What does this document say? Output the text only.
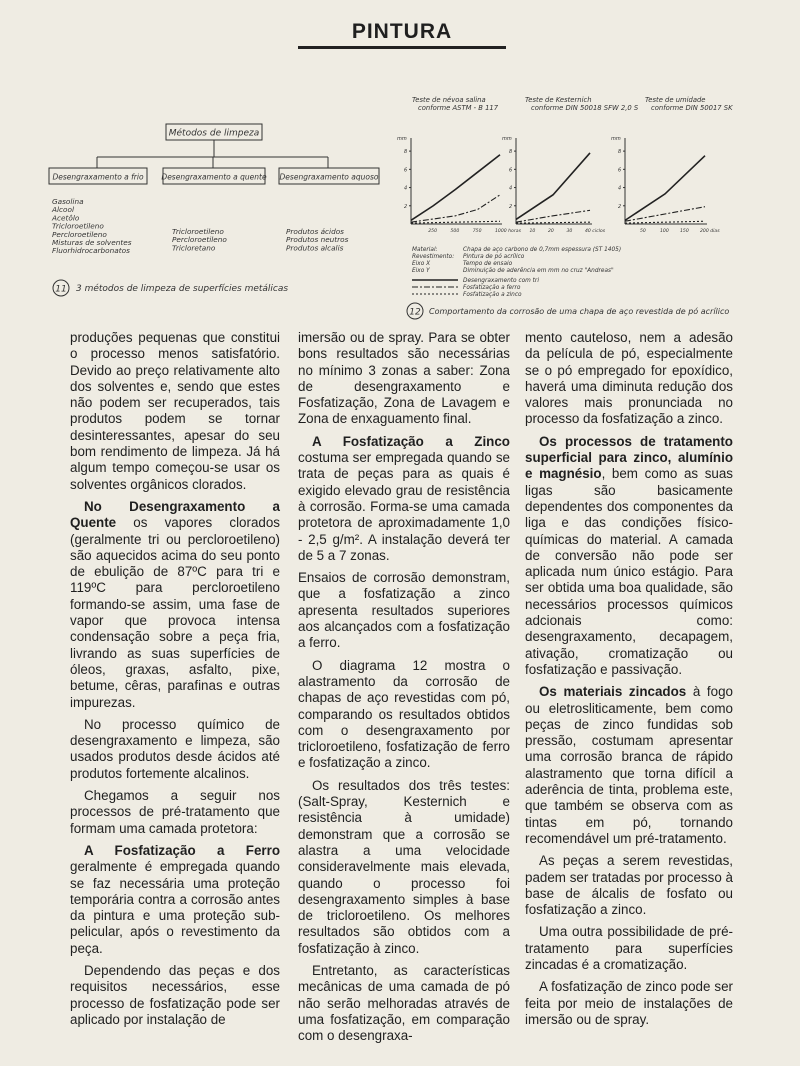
PINTURA
Métodos de limpeza
Desengraxamento a frio Desengraxamento a quente Desengraxamento aquoso
Gasolina
Alcool
Acetôlo
Tricloroetileno
Percloroetileno
Misturas de solventes
Fluorhidrocarbonatos
Tricloroetileno
Percloroetileno
Tricloretano
Produtos ácidos
Produtos neutros
Produtos alcalis
11 3 métodos de limpeza de superfícies metálicas
Teste de névoa salina
conforme ASTM - B 117
Teste de Kesternich
conforme DIN 50018 SFW 2,0 S
Teste de umidade
conforme DIN 50017 SK
mm
2
4
6
8
250	500	750	1000 horas
mm
2
4
6
8
10	20	30	40 ciclos
mm
2
4
6
8
50	100 150 200 dias
Material:	Chapa de aço carbono de 0,7mm espessura (ST 1405)
Revestimento: Pintura de pó acrílico
Eixo X	Tempo de ensaio
Eixo Y	Diminuição de aderência em mm no cruz "Andreas"
Desengraxamento com tri
Fosfatização a ferro
Fosfatização a zinco
12 Comportamento da corrosão de uma chapa de aço revestida de pó acrílico

produções pequenas que constitui o processo menos satisfatório. Devido ao preço relativamente alto dos solventes e, sendo que estes não podem ser recuperados, tais produtos podem se tornar desinteressantes, apesar do seu bom rendimento de limpeza. Já há algum tempo começou-se usar os solventes orgânicos clorados.

No Desengraxamento a Quente os vapores clorados (geralmente tri ou percloroetileno) são aquecidos acima do seu ponto de ebulição de 87ºC para tri e 119ºC para percloroetileno formando-se assim, uma fase de vapor que provoca intensa condensação sobre a peça fria, livrando as suas superfícies de óleos, graxas, asfalto, pixe, betume, cêras, parafinas e outras impurezas.

No processo químico de desengraxamento e limpeza, são usados produtos desde ácidos até produtos fortemente alcalinos.

Chegamos a seguir nos processos de pré-tratamento que formam uma camada protetora:

A Fosfatização a Ferro geralmente é empregada quando se faz necessária uma proteção temporária contra a corrosão antes da pintura e uma proteção sub-pelicular, após o revestimento da peça.

Dependendo das peças e dos requisitos necessários, esse processo de fosfatização pode ser aplicado por instalação de

imersão ou de spray. Para se obter bons resultados são necessárias no mínimo 3 zonas a saber: Zona de desengraxamento e Fosfatização, Zona de Lavagem e Zona de enxaguamento final.

A Fosfatização a Zinco costuma ser empregada quando se trata de peças para as quais é exigido elevado grau de resistência à corrosão. Forma-se uma camada protetora de aproximadamente 1,0 - 2,5 g/m². A instalação deverá ter de 5 a 7 zonas.

Ensaios de corrosão demonstram, que a fosfatização a zinco apresenta resultados superiores aos alcançados com a fosfatização a ferro.

O diagrama 12 mostra o alastramento da corrosão de chapas de aço revestidas com pó, comparando os resultados obtidos com o desengraxamento por tricloroetileno, fosfatização de ferro e fosfatização a zinco.

Os resultados dos três testes: (Salt-Spray, Kesternich e resistência à umidade) demonstram que a corrosão se alastra a uma velocidade consideravelmente mais elevada, quando o processo foi desengraxamento simples à base de tricloroetileno. Os melhores resultados são obtidos com a fosfatização à zinco.

Entretanto, as características mecânicas de uma camada de pó não serão melhoradas através de uma fosfatização, em comparação com o desengraxa-

mento cauteloso, nem a adesão da película de pó, especialmente se o pó empregado for epoxídico, haverá uma diminuta redução dos valores mais pronunciada no processo da fosfatização a zinco.

Os processos de tratamento superficial para zinco, alumínio e magnésio, bem como as suas ligas são basicamente dependentes dos componentes da liga e das condições físico-químicas do material. A camada de conversão não pode ser aplicada num único estágio. Para ser obtida uma boa qualidade, são necessários processos químicos adcionais como: desengraxamento, decapagem, ativação, cromatização ou fosfatização e passivação.

Os materiais zincados à fogo ou eletrosliticamente, bem como peças de zinco fundidas sob pressão, costumam apresentar uma corrosão branca de rápido alastramento que torna difícil a aderência de tinta, problema este, que também se observa com as tintas em pó, tornando recomendável um pré-tratamento.

As peças a serem revestidas, padem ser tratadas por processo à base de álcalis de fosfato ou fosfatização a zinco.

Uma outra possibilidade de pré-tratamento para superfícies zincadas é a cromatização.

A fosfatização de zinco pode ser feita por meio de instalações de imersão ou de spray.
